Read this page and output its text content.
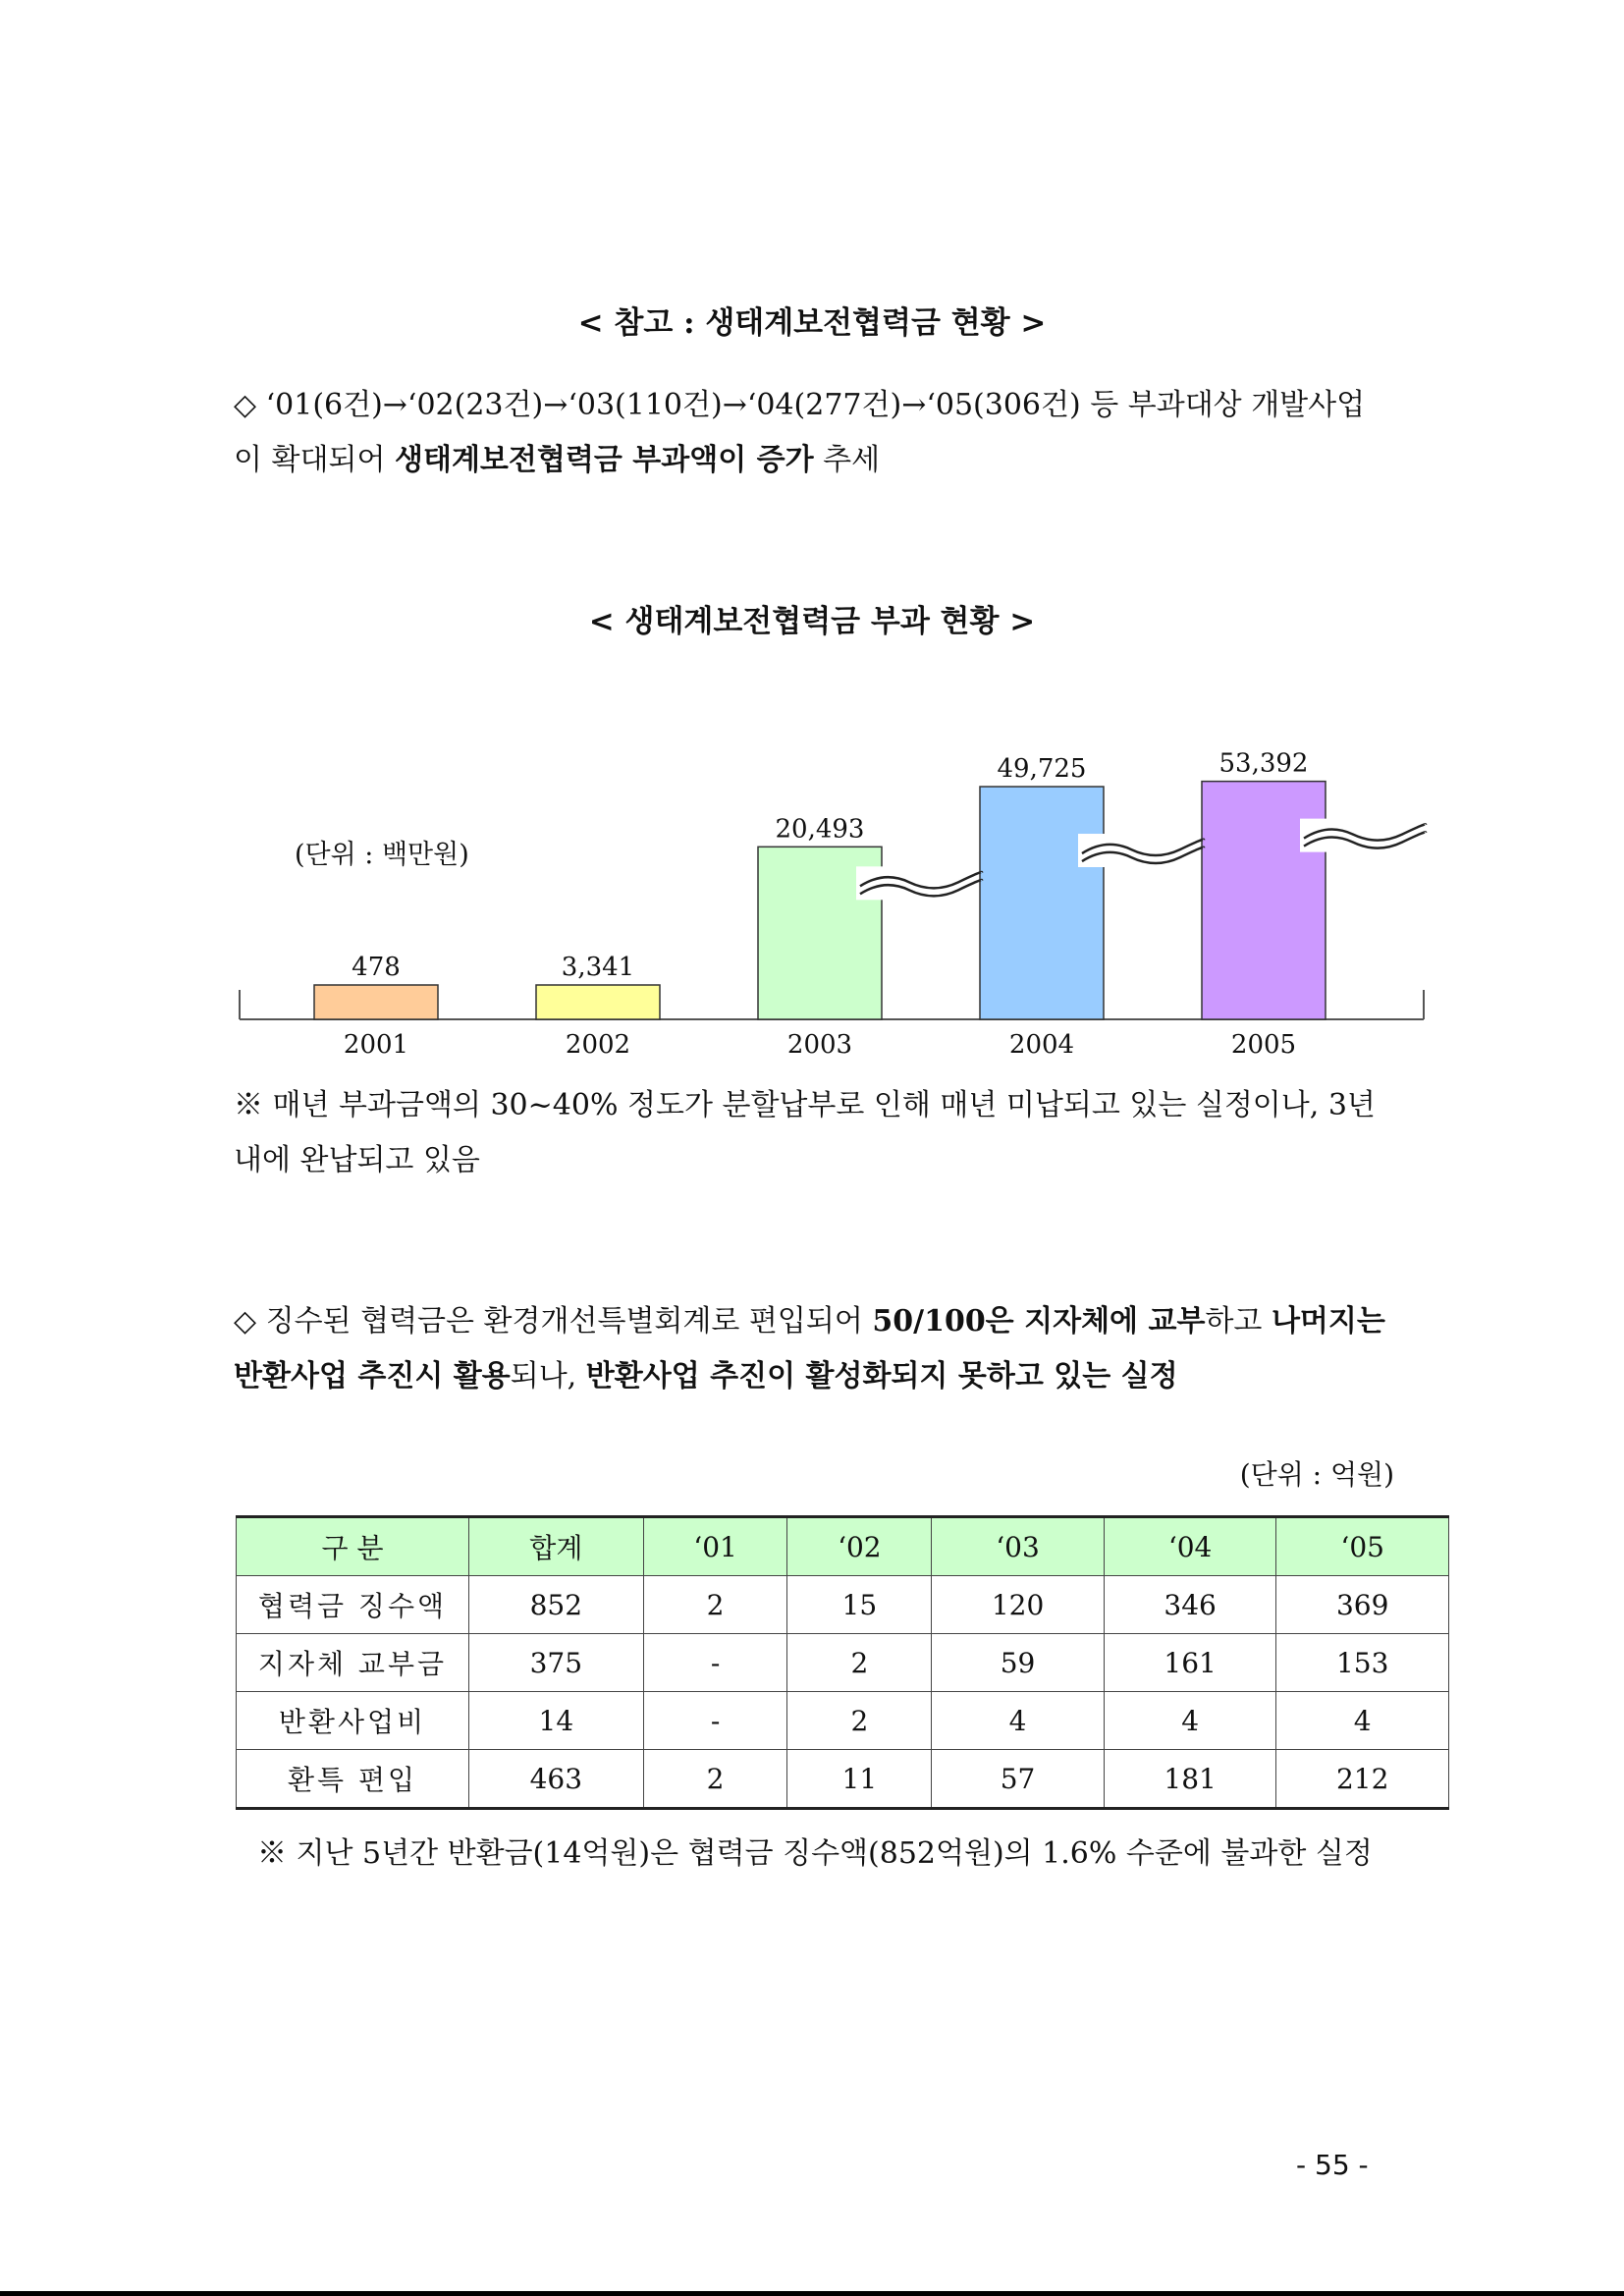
< 참고 : 생태계보전협력금 현황 >
◇ ‘01(6건)→‘02(23건)→‘03(110건)→‘04(277건)→‘05(306건) 등 부과대상 개발사업이 확대되어 생태계보전협력금 부과액이 증가 추세
< 생태계보전협력금 부과 현황 >
(단위 : 백만원)
478
2001
3,341
2002
20,493
2003
49,725
2004
53,392
2005
※ 매년 부과금액의 30~40% 정도가 분할납부로 인해 매년 미납되고 있는 실정이나, 3년내에 완납되고 있음
◇ 징수된 협력금은 환경개선특별회계로 편입되어 50/100은 지자체에 교부하고 나머지는 반환사업 추진시 활용되나, 반환사업 추진이 활성화되지 못하고 있는 실정
(단위 : 억원)
구 분	합계	‘01	‘02	‘03	‘04	‘05
협력금 징수액	852	2	15	120	346	369
지자체 교부금	375	-	2	59	161	153
반환사업비	14	-	2	4	4	4
환특 편입	463	2	11	57	181	212
※ 지난 5년간 반환금(14억원)은 협력금 징수액(852억원)의 1.6% 수준에 불과한 실정
- 55 -
